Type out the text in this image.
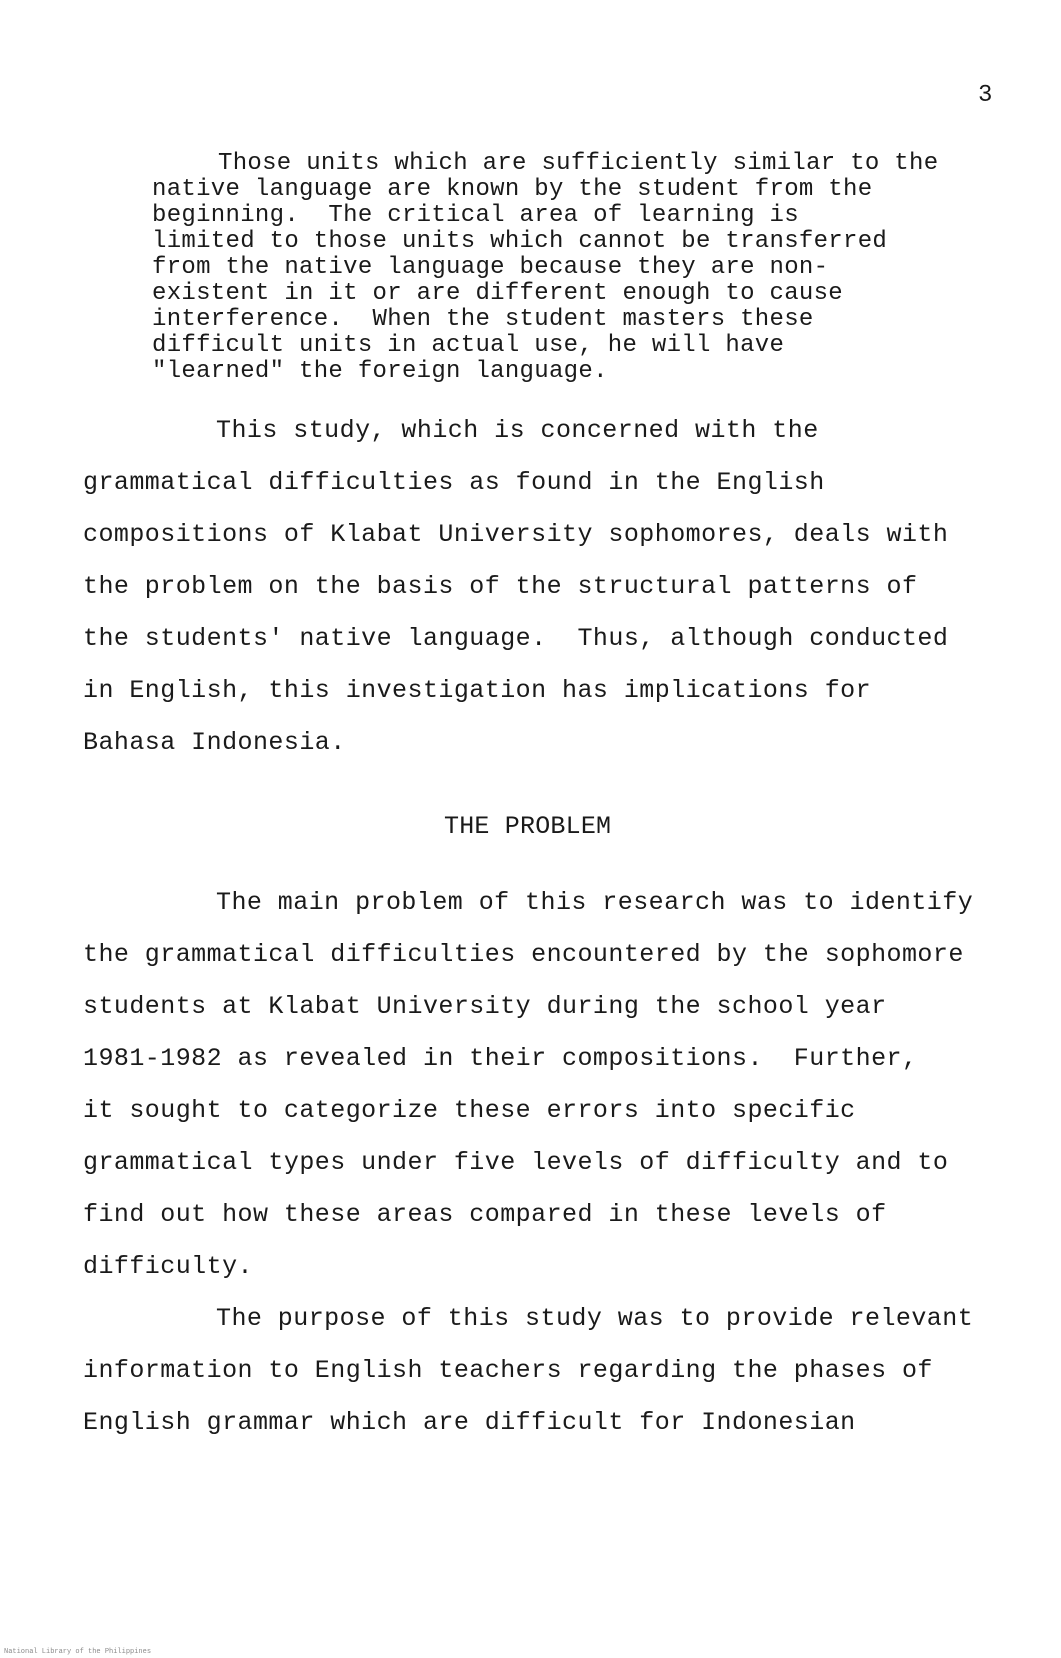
3
Those units which are sufficiently similar to the
native language are known by the student from the
beginning.  The critical area of learning is
limited to those units which cannot be transferred
from the native language because they are non-
existent in it or are different enough to cause
interference.  When the student masters these
difficult units in actual use, he will have
"learned" the foreign language.
This study, which is concerned with the
grammatical difficulties as found in the English
compositions of Klabat University sophomores, deals with
the problem on the basis of the structural patterns of
the students' native language.  Thus, although conducted
in English, this investigation has implications for
Bahasa Indonesia.
THE PROBLEM
The main problem of this research was to identify
the grammatical difficulties encountered by the sophomore
students at Klabat University during the school year
1981-1982 as revealed in their compositions.  Further,
it sought to categorize these errors into specific
grammatical types under five levels of difficulty and to
find out how these areas compared in these levels of
difficulty.
The purpose of this study was to provide relevant
information to English teachers regarding the phases of
English grammar which are difficult for Indonesian
National Library of the Philippines
